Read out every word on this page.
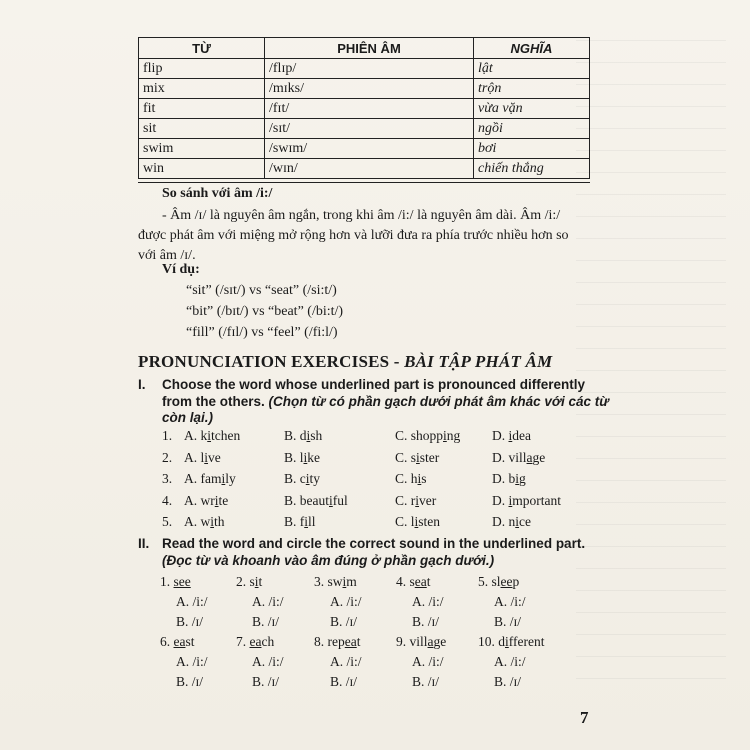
TỪ	PHIÊN ÂM	NGHĨA
flip	/flɪp/	lật
mix	/mɪks/	trộn
fit	/fɪt/	vừa vặn
sit	/sɪt/	ngồi
swim	/swɪm/	bơi
win	/wɪn/	chiến thắng
So sánh với âm /i:/
- Âm /ɪ/ là nguyên âm ngắn, trong khi âm /i:/ là nguyên âm dài. Âm /i:/
được phát âm với miệng mở rộng hơn và lưỡi đưa ra phía trước nhiều hơn so
với âm /ɪ/.
Ví dụ:
“sit” (/sɪt/) vs “seat” (/si:t/)
“bit” (/bɪt/) vs “beat” (/bi:t/)
“fill” (/fɪl/) vs “feel” (/fi:l/)
PRONUNCIATION EXERCISES - BÀI TẬP PHÁT ÂM
I. Choose the word whose underlined part is pronounced differently
from the others. (Chọn từ có phần gạch dưới phát âm khác với các từ
còn lại.)
1. A. kitchen	B. dish	C. shopping D. idea
2. A. live	B. like	C. sister	D. village
3. A. family	B. city	C. his	D. big
4. A. write	B. beautiful	C. river	D. important
5. A. with	B. fill	C. listen	D. nice
II. Read the word and circle the correct sound in the underlined part.
(Đọc từ và khoanh vào âm đúng ở phần gạch dưới.)
1. see
A. /i:/
B. /ɪ/
2. sit
A. /i:/
B. /ɪ/
3. swim
A. /i:/
B. /ɪ/
4. seat
A. /i:/
B. /ɪ/
5. sleep
A. /i:/
B. /ɪ/
6. east
A. /i:/
B. /ɪ/
7. each
A. /i:/
B. /ɪ/
8. repeat
A. /i:/
B. /ɪ/
9. village
A. /i:/
B. /ɪ/
10. different
A. /i:/
B. /ɪ/
7
